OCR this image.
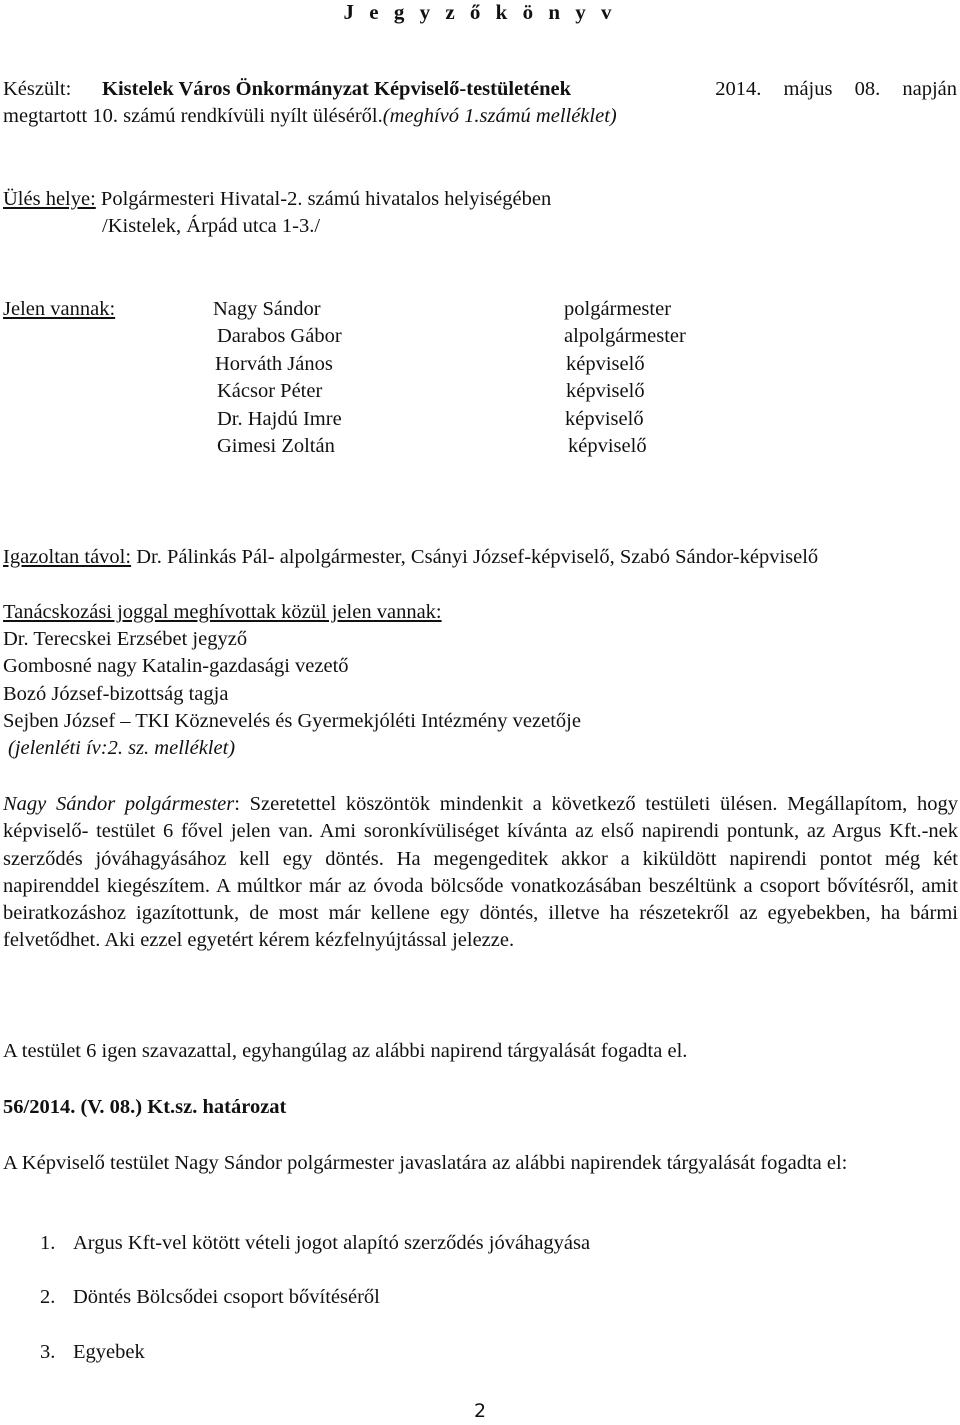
J e g y z ő k ö n y v
Készült: Kistelek Város Önkormányzat Képviselő-testületének	2014. május 08. napján
megtartott 10. számú rendkívüli nyílt üléséről.(meghívó 1.számú melléklet)
Ülés helye: Polgármesteri Hivatal-2. számú hivatalos helyiségében
/Kistelek, Árpád utca 1-3./
Jelen vannak:	Nagy Sándor	polgármester
Darabos Gábor	alpolgármester
Horváth János	képviselő
Kácsor Péter	képviselő
Dr. Hajdú Imre	képviselő
Gimesi Zoltán	képviselő
Igazoltan távol: Dr. Pálinkás Pál- alpolgármester, Csányi József-képviselő, Szabó Sándor-képviselő
Tanácskozási joggal meghívottak közül jelen vannak:
Dr. Terecskei Erzsébet jegyző
Gombosné nagy Katalin-gazdasági vezető
Bozó József-bizottság tagja
Sejben József – TKI Köznevelés és Gyermekjóléti Intézmény vezetője
(jelenléti ív:2. sz. melléklet)
Nagy Sándor polgármester: Szeretettel köszöntök mindenkit a következő testületi ülésen. Megállapítom, hogy képviselő- testület 6 fővel jelen van. Ami soronkívüliséget kívánta az első napirendi pontunk, az Argus Kft.-nek szerződés jóváhagyásához kell egy döntés. Ha megengeditek akkor a kiküldött napirendi pontot még két napirenddel kiegészítem. A múltkor már az óvoda bölcsőde vonatkozásában beszéltünk a csoport bővítésről, amit beiratkozáshoz igazítottunk, de most már kellene egy döntés, illetve ha részetekről az egyebekben, ha bármi felvetődhet. Aki ezzel egyetért kérem kézfelnyújtással jelezze.
A testület 6 igen szavazattal, egyhangúlag az alábbi napirend tárgyalását fogadta el.
56/2014. (V. 08.) Kt.sz. határozat
A Képviselő testület Nagy Sándor polgármester javaslatára az alábbi napirendek tárgyalását fogadta el:
1. Argus Kft-vel kötött vételi jogot alapító szerződés jóváhagyása
2. Döntés Bölcsődei csoport bővítéséről
3. Egyebek
2
